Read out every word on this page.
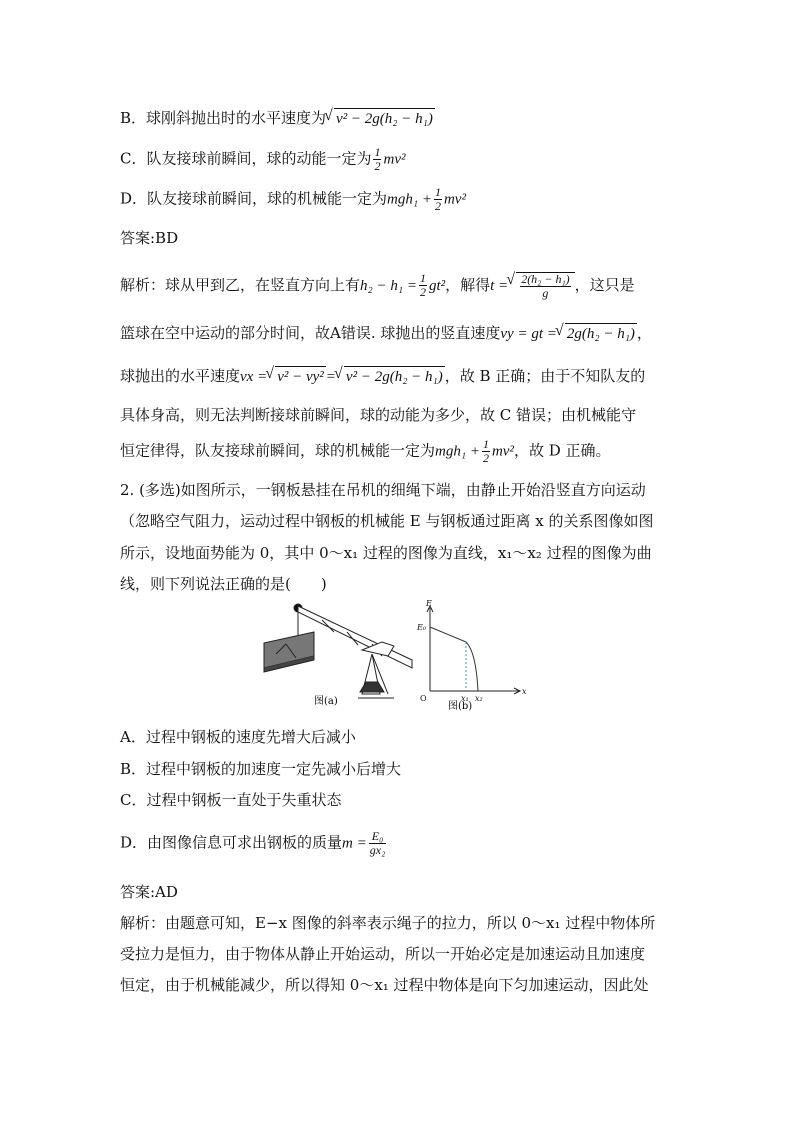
B．球刚斜抛出时的水平速度为 √ v² − 2g(h₂ − h₁)
C．队友接球前瞬间，球的动能一定为 $\frac{1}{2} mv^2$
D．队友接球前瞬间，球的机械能一定为$mgh_1 + \frac{1}{2} mv^2$
答案:BD
解析：球从甲到乙，在竖直方向上有$h_2 - h_1 = \frac{1}{2} gt^2$，解得t = √ $\frac{\text{2(h₂ − h₁)}}{g}$ ，这只是
篮球在空中运动的部分时间，故A错误. 球抛出的竖直速度vy = gt = √ 2g(h₂ − h₁) ，
球抛出的水平速度vx = √ v² − vy² = √ v² − 2g(h₂ − h₁) ，故 B 正确；由于不知队友的
具体身高，则无法判断接球前瞬间，球的动能为多少，故 C 错误；由机械能守
恒定律得，队友接球前瞬间，球的机械能一定为$mgh_1 + \frac{1}{2} mv^2$，故 D 正确。
2. (多选)如图所示，一钢板悬挂在吊机的细绳下端，由静止开始沿竖直方向运动
（忽略空气阻力，运动过程中钢板的机械能 E 与钢板通过距离 x 的关系图像如图
所示，设地面势能为 0，其中 0～x₁ 过程的图像为直线，x₁～x₂ 过程的图像为曲
线，则下列说法正确的是(　　)
图(a)
E
E₀
O
x
x₁ x₂
图(b)
A．过程中钢板的速度先增大后减小
B．过程中钢板的加速度一定先减小后增大
C．过程中钢板一直处于失重状态
D．由图像信息可求出钢板的质量$m = \frac{\text{E₀}}{\text{gx₂}}$
答案:AD
解析：由题意可知，E−x 图像的斜率表示绳子的拉力，所以 0～x₁ 过程中物体所
受拉力是恒力，由于物体从静止开始运动，所以一开始必定是加速运动且加速度
恒定，由于机械能减少，所以得知 0～x₁ 过程中物体是向下匀加速运动，因此处
